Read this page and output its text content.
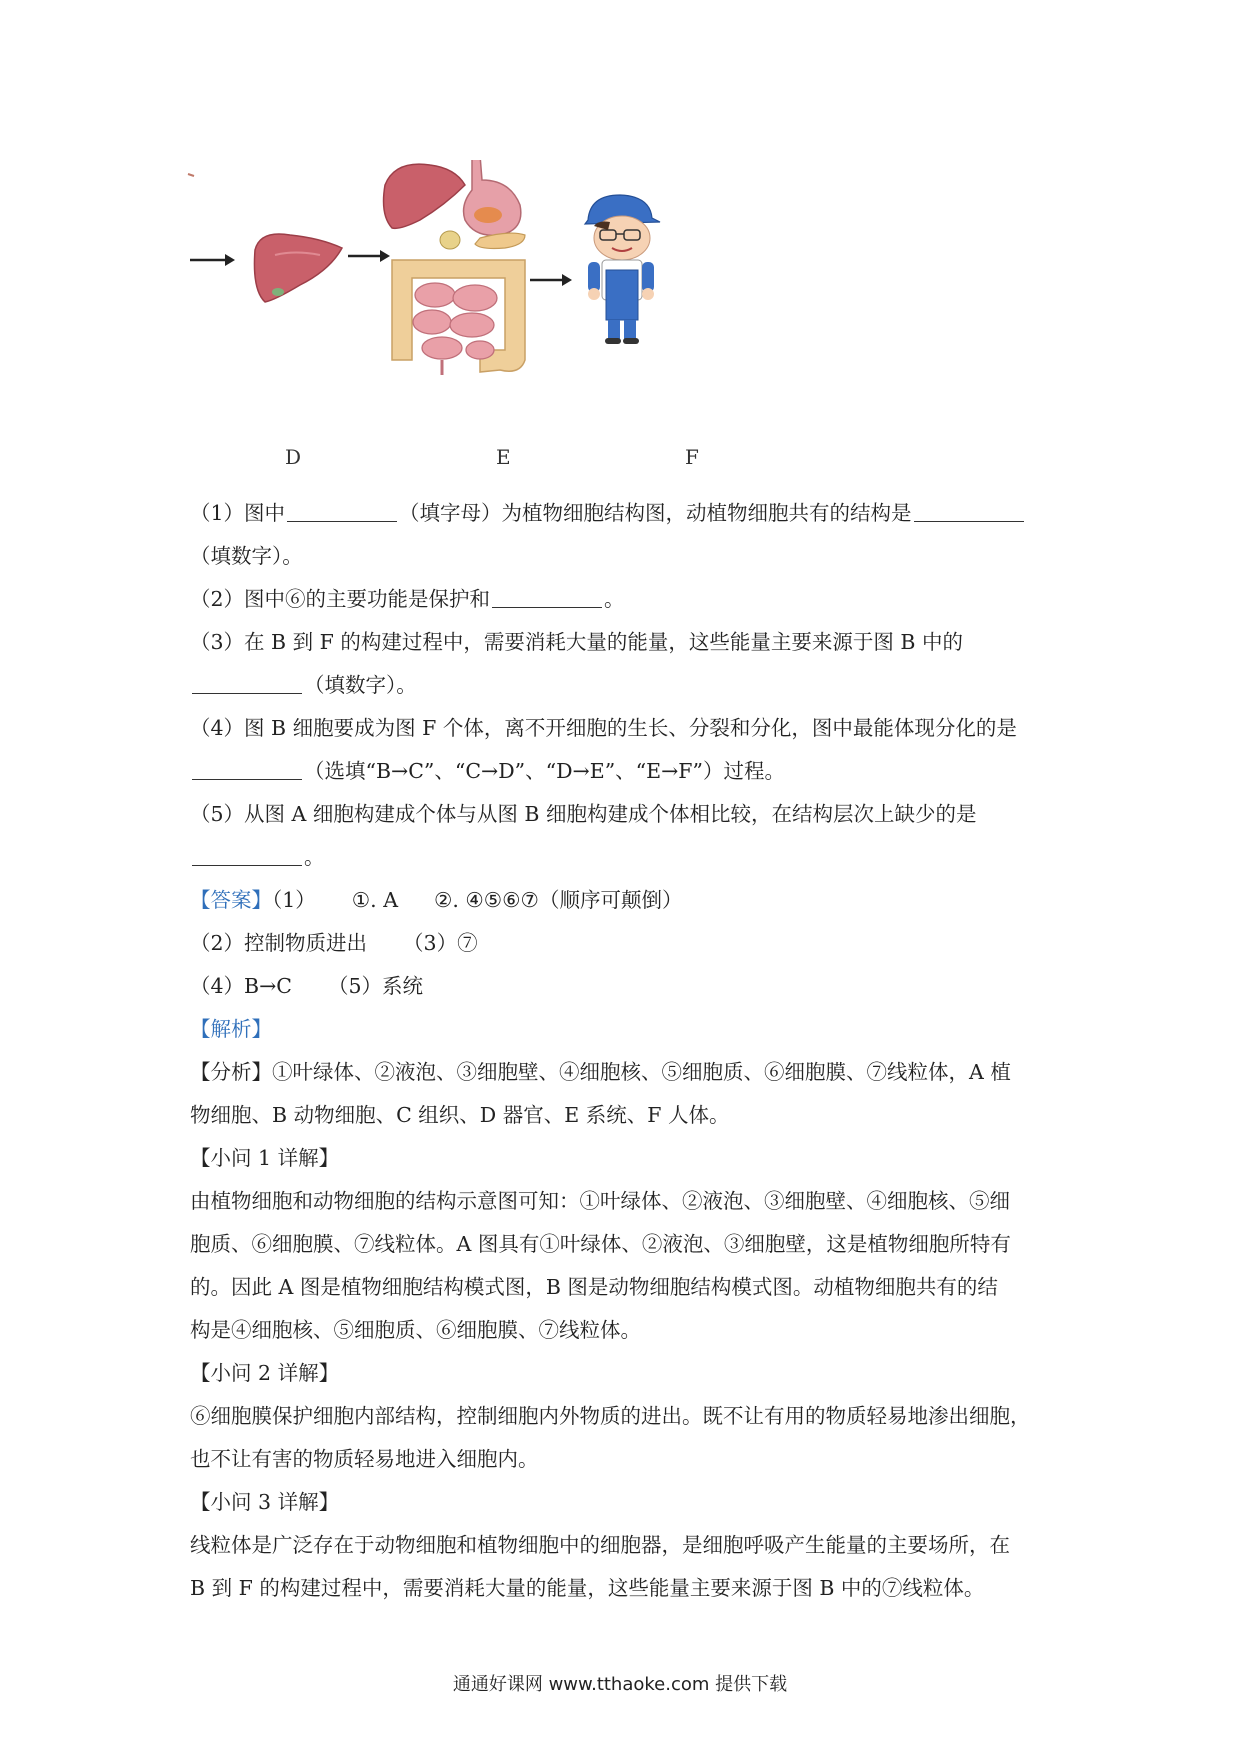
D	E	F
（1）图中	（填字母）为植物细胞结构图，动植物细胞共有的结构是
（填数字）。
（2）图中⑥的主要功能是保护和	。
（3）在 B 到 F 的构建过程中，需要消耗大量的能量，这些能量主要来源于图 B 中的
（填数字）。
（4）图 B 细胞要成为图 F 个体，离不开细胞的生长、分裂和分化，图中最能体现分化的是
（选填“B→C”、“C→D”、“D→E”、“E→F”）过程。
（5）从图 A 细胞构建成个体与从图 B 细胞构建成个体相比较，在结构层次上缺少的是
。
【答案】（1） ①. A ②. ④⑤⑥⑦（顺序可颠倒）
（2）控制物质进出 （3）⑦
（4）B→C （5）系统
【解析】
【分析】①叶绿体、②液泡、③细胞壁、④细胞核、⑤细胞质、⑥细胞膜、⑦线粒体，A 植
物细胞、B 动物细胞、C 组织、D 器官、E 系统、F 人体。
【小问 1 详解】
由植物细胞和动物细胞的结构示意图可知：①叶绿体、②液泡、③细胞壁、④细胞核、⑤细
胞质、⑥细胞膜、⑦线粒体。A 图具有①叶绿体、②液泡、③细胞壁，这是植物细胞所特有
的。因此 A 图是植物细胞结构模式图，B 图是动物细胞结构模式图。动植物细胞共有的结
构是④细胞核、⑤细胞质、⑥细胞膜、⑦线粒体。
【小问 2 详解】
⑥细胞膜保护细胞内部结构，控制细胞内外物质的进出。既不让有用的物质轻易地渗出细胞，
也不让有害的物质轻易地进入细胞内。
【小问 3 详解】
线粒体是广泛存在于动物细胞和植物细胞中的细胞器，是细胞呼吸产生能量的主要场所，在
B 到 F 的构建过程中，需要消耗大量的能量，这些能量主要来源于图 B 中的⑦线粒体。
通通好课网 www.tthaoke.com 提供下载
